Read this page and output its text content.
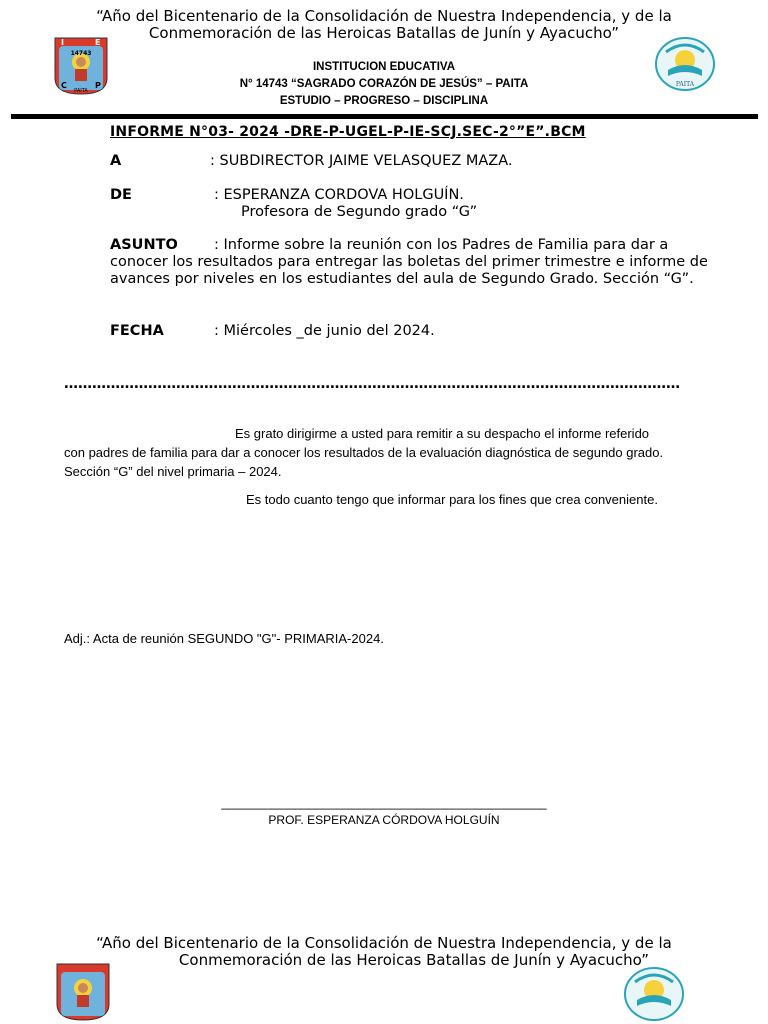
“Año del Bicentenario de la Consolidación de Nuestra Independencia, y de la
Conmemoración de las Heroicas Batallas de Junín y Ayacucho”
I	E
14743
C	P
PAITA
INSTITUCION EDUCATIVA
N° 14743 “SAGRADO CORAZÓN DE JESÚS” – PAITA
ESTUDIO – PROGRESO – DISCIPLINA
PAITA
INFORME N°03- 2024 -DRE-P-UGEL-P-IE-SCJ.SEC-2°”E”.BCM
A	: SUBDIRECTOR JAIME VELASQUEZ MAZA.
DE	: ESPERANZA CORDOVA HOLGUÍN.
Profesora de Segundo grado “G”
ASUNTO : Informe sobre la reunión con los Padres de Familia para dar a conocer los resultados para entregar las boletas del primer trimestre e informe de avances por niveles en los estudiantes del aula de Segundo Grado. Sección “G”.
FECHA	: Miércoles _de junio del 2024.
……………………………………………………………………………………………………………………
Es grato dirigirme a usted para remitir a su despacho el informe referido
con padres de familia para dar a conocer los resultados de la evaluación diagnóstica de segundo grado. Sección “G” del nivel primaria – 2024.
Es todo cuanto tengo que informar para los fines que crea conveniente.
Adj.: Acta de reunión SEGUNDO "G"- PRIMARIA-2024.
_____________________________________________
PROF. ESPERANZA CÓRDOVA HOLGUÍN
“Año del Bicentenario de la Consolidación de Nuestra Independencia, y de la
Conmemoración de las Heroicas Batallas de Junín y Ayacucho”
